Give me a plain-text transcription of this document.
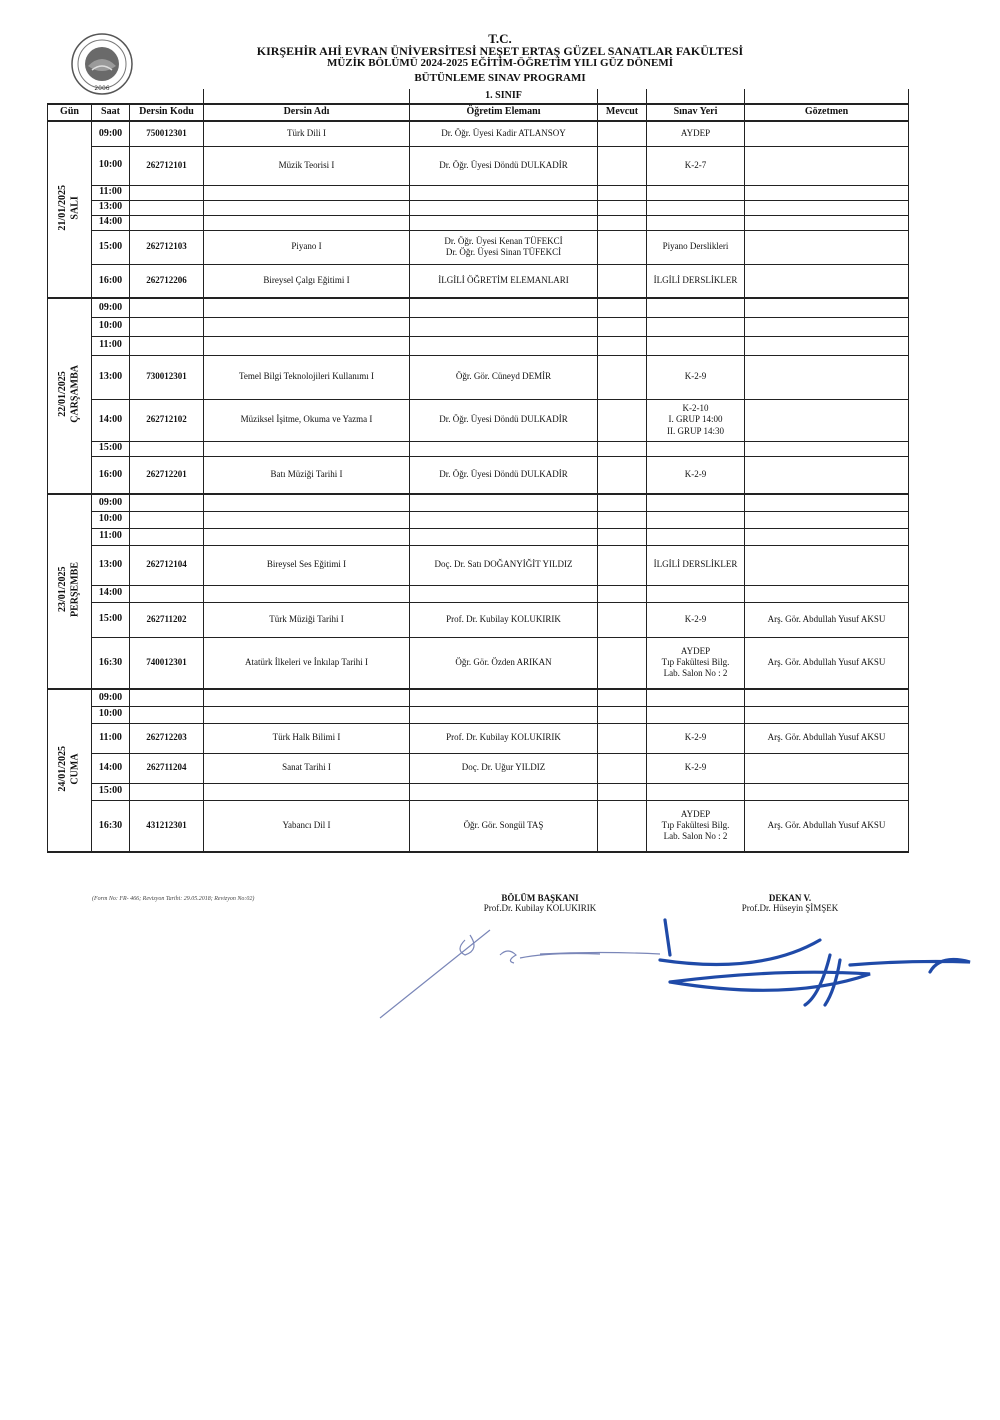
2006
T.C.
KIRŞEHİR AHİ EVRAN ÜNİVERSİTESİ NEŞET ERTAŞ GÜZEL SANATLAR FAKÜLTESİ
MÜZİK BÖLÜMÜ 2024-2025 EĞİTİM-ÖĞRETİM YILI GÜZ DÖNEMİ
BÜTÜNLEME SINAV PROGRAMI
				1. SINIF			
Gün	Saat	Dersin Kodu	Dersin Adı	Öğretim Elemanı	Mevcut	Sınav Yeri	Gözetmen

21/01/2025 SALI	09:00	750012301	Türk Dili I	Dr. Öğr. Üyesi Kadir ATLANSOY		AYDEP	

	10:00	262712101	Müzik Teorisi I	Dr. Öğr. Üyesi Döndü DULKADİR		K-2-7	

	11:00						
	13:00						
	14:00						
	15:00	262712103	Piyano I	Dr. Öğr. Üyesi Kenan TÜFEKCİ
Dr. Öğr. Üyesi Sinan TÜFEKCİ		Piyano Derslikleri	

	16:00	262712206	Bireysel Çalgı Eğitimi I	İLGİLİ ÖĞRETİM ELEMANLARI		İLGİLİ DERSLİKLER	

22/01/2025 ÇARŞAMBA	09:00						
	10:00						
	11:00						
	13:00	730012301	Temel Bilgi Teknolojileri Kullanımı I	Öğr. Gör. Cüneyd DEMİR		K-2-9	

	14:00	262712102	Müziksel İşitme, Okuma ve Yazma I	Dr. Öğr. Üyesi Döndü DULKADİR		K-2-10
I. GRUP 14:00
II. GRUP 14:30	

	15:00						
	16:00	262712201	Batı Müziği Tarihi I	Dr. Öğr. Üyesi Döndü DULKADİR		K-2-9	

23/01/2025 PERŞEMBE	09:00						
	10:00						
	11:00						
	13:00	262712104	Bireysel Ses Eğitimi I	Doç. Dr. Satı DOĞANYİĞİT YILDIZ		İLGİLİ DERSLİKLER	

	14:00						
	15:00	262711202	Türk Müziği Tarihi I	Prof. Dr. Kubilay KOLUKIRIK		K-2-9	Arş. Gör. Abdullah Yusuf AKSU
	16:30	740012301	Atatürk İlkeleri ve İnkılap Tarihi I	Öğr. Gör. Özden ARIKAN		AYDEP
Tıp Fakültesi Bilg.
Lab. Salon No : 2	Arş. Gör. Abdullah Yusuf AKSU

24/01/2025 CUMA	09:00						
	10:00						
	11:00	262712203	Türk Halk Bilimi I	Prof. Dr. Kubilay KOLUKIRIK		K-2-9	Arş. Gör. Abdullah Yusuf AKSU
	14:00	262711204	Sanat Tarihi I	Doç. Dr. Uğur YILDIZ		K-2-9	

	15:00						
	16:30	431212301	Yabancı Dil I	Öğr. Gör. Songül TAŞ		AYDEP
Tıp Fakültesi Bilg.
Lab. Salon No : 2	Arş. Gör. Abdullah Yusuf AKSU
(Form No: FR- 466; Revizyon Tarihi: 29.05.2018; Revizyon No:02)	BÖLÜM BAŞKANI
Prof.Dr. Kubilay KOLUKIRIK
DEKAN V.
Prof.Dr. Hüseyin ŞİMŞEK
